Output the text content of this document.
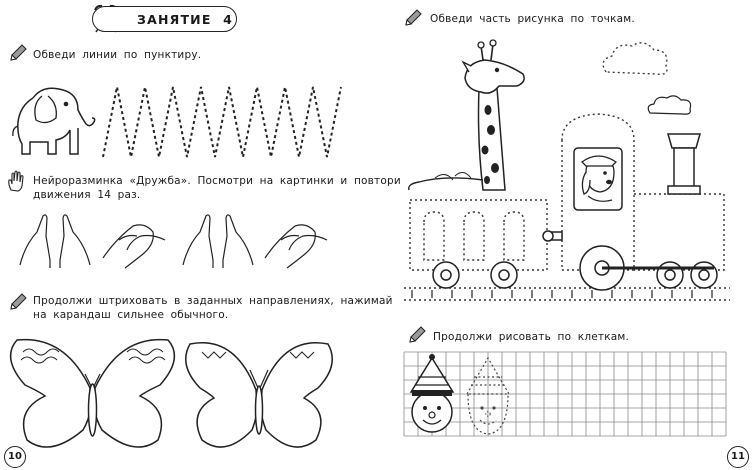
ЗАНЯТИЕ 4
Обведи линии по пунктиру.
Нейроразминка «Дружба». Посмотри на картинки и повтори
движения 14 раз.
Продолжи штриховать в заданных направлениях, нажимай
на карандаш сильнее обычного.
10
Обведи часть рисунка по точкам.
Продолжи рисовать по клеткам.
11
